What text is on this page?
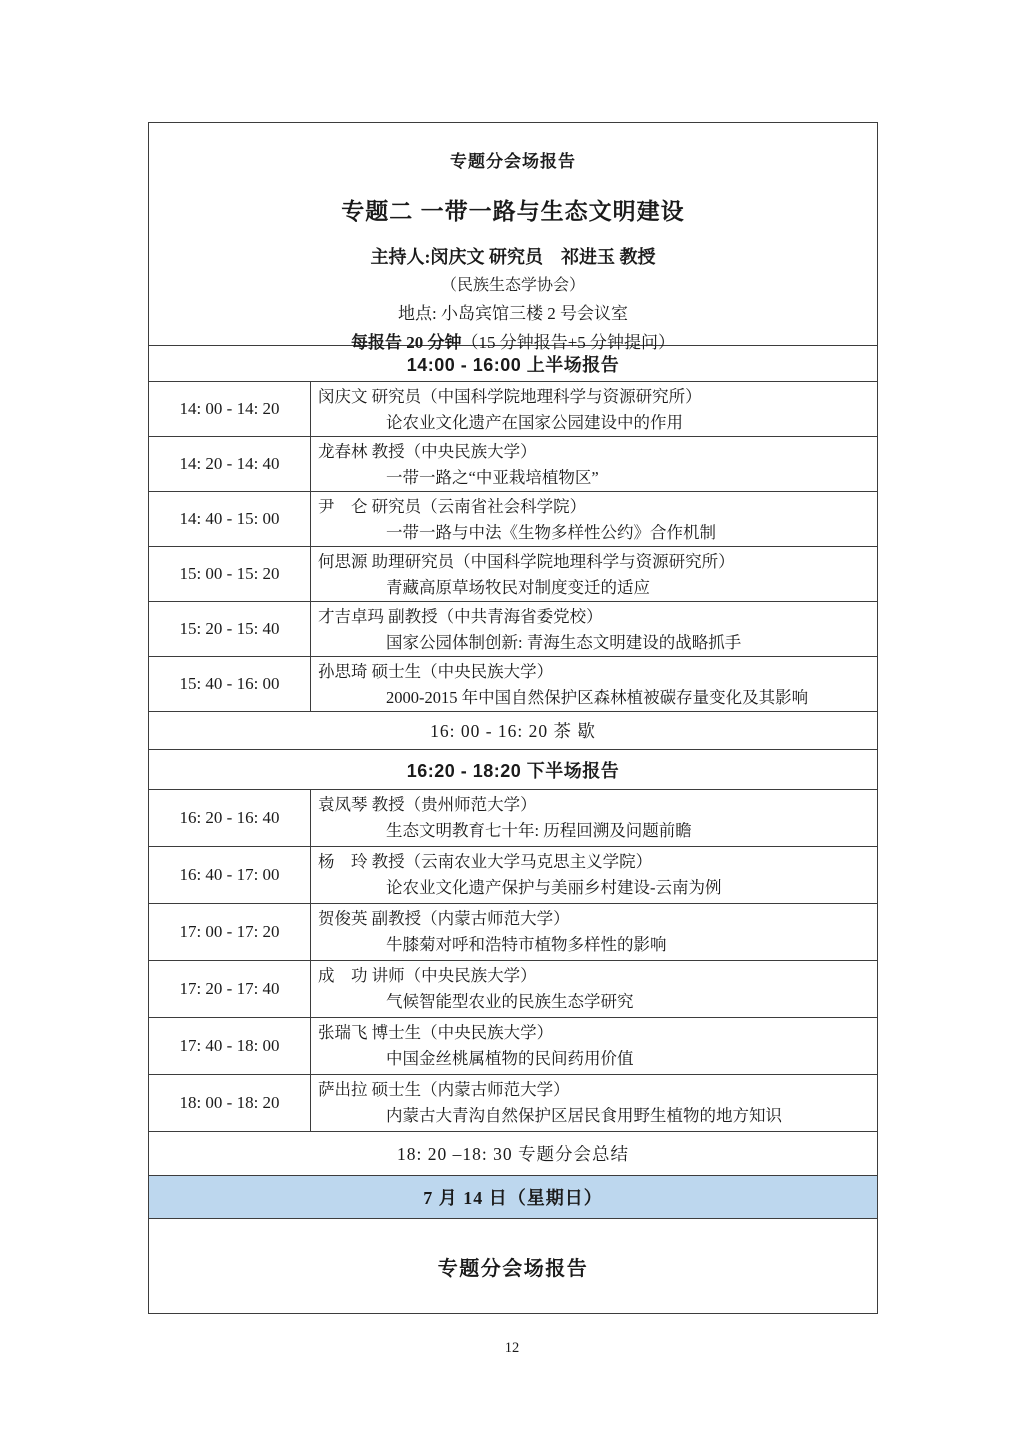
专题分会场报告
专题二 一带一路与生态文明建设
主持人:闵庆文 研究员　祁进玉 教授
（民族生态学协会）
地点: 小岛宾馆三楼 2 号会议室
每报告 20 分钟（15 分钟报告+5 分钟提问）
14:00 - 16:00 上半场报告
14: 00 - 14: 20
闵庆文 研究员（中国科学院地理科学与资源研究所）
论农业文化遗产在国家公园建设中的作用
14: 20 - 14: 40
龙春林 教授（中央民族大学）
一带一路之“中亚栽培植物区”
14: 40 - 15: 00
尹　仑 研究员（云南省社会科学院）
一带一路与中法《生物多样性公约》合作机制
15: 00 - 15: 20
何思源 助理研究员（中国科学院地理科学与资源研究所）
青藏高原草场牧民对制度变迁的适应
15: 20 - 15: 40
才吉卓玛 副教授（中共青海省委党校）
国家公园体制创新: 青海生态文明建设的战略抓手
15: 40 - 16: 00
孙思琦 硕士生（中央民族大学）
2000-2015 年中国自然保护区森林植被碳存量变化及其影响
16: 00 - 16: 20 茶 歇
16:20 - 18:20 下半场报告
16: 20 - 16: 40
袁凤琴 教授（贵州师范大学）
生态文明教育七十年: 历程回溯及问题前瞻
16: 40 - 17: 00
杨　玲 教授（云南农业大学马克思主义学院）
论农业文化遗产保护与美丽乡村建设-云南为例
17: 00 - 17: 20
贺俊英 副教授（内蒙古师范大学）
牛膝菊对呼和浩特市植物多样性的影响
17: 20 - 17: 40
成　功 讲师（中央民族大学）
气候智能型农业的民族生态学研究
17: 40 - 18: 00
张瑞飞 博士生（中央民族大学）
中国金丝桃属植物的民间药用价值
18: 00 - 18: 20
萨出拉 硕士生（内蒙古师范大学）
内蒙古大青沟自然保护区居民食用野生植物的地方知识
18: 20 –18: 30 专题分会总结
7 月 14 日（星期日）
专题分会场报告
12
